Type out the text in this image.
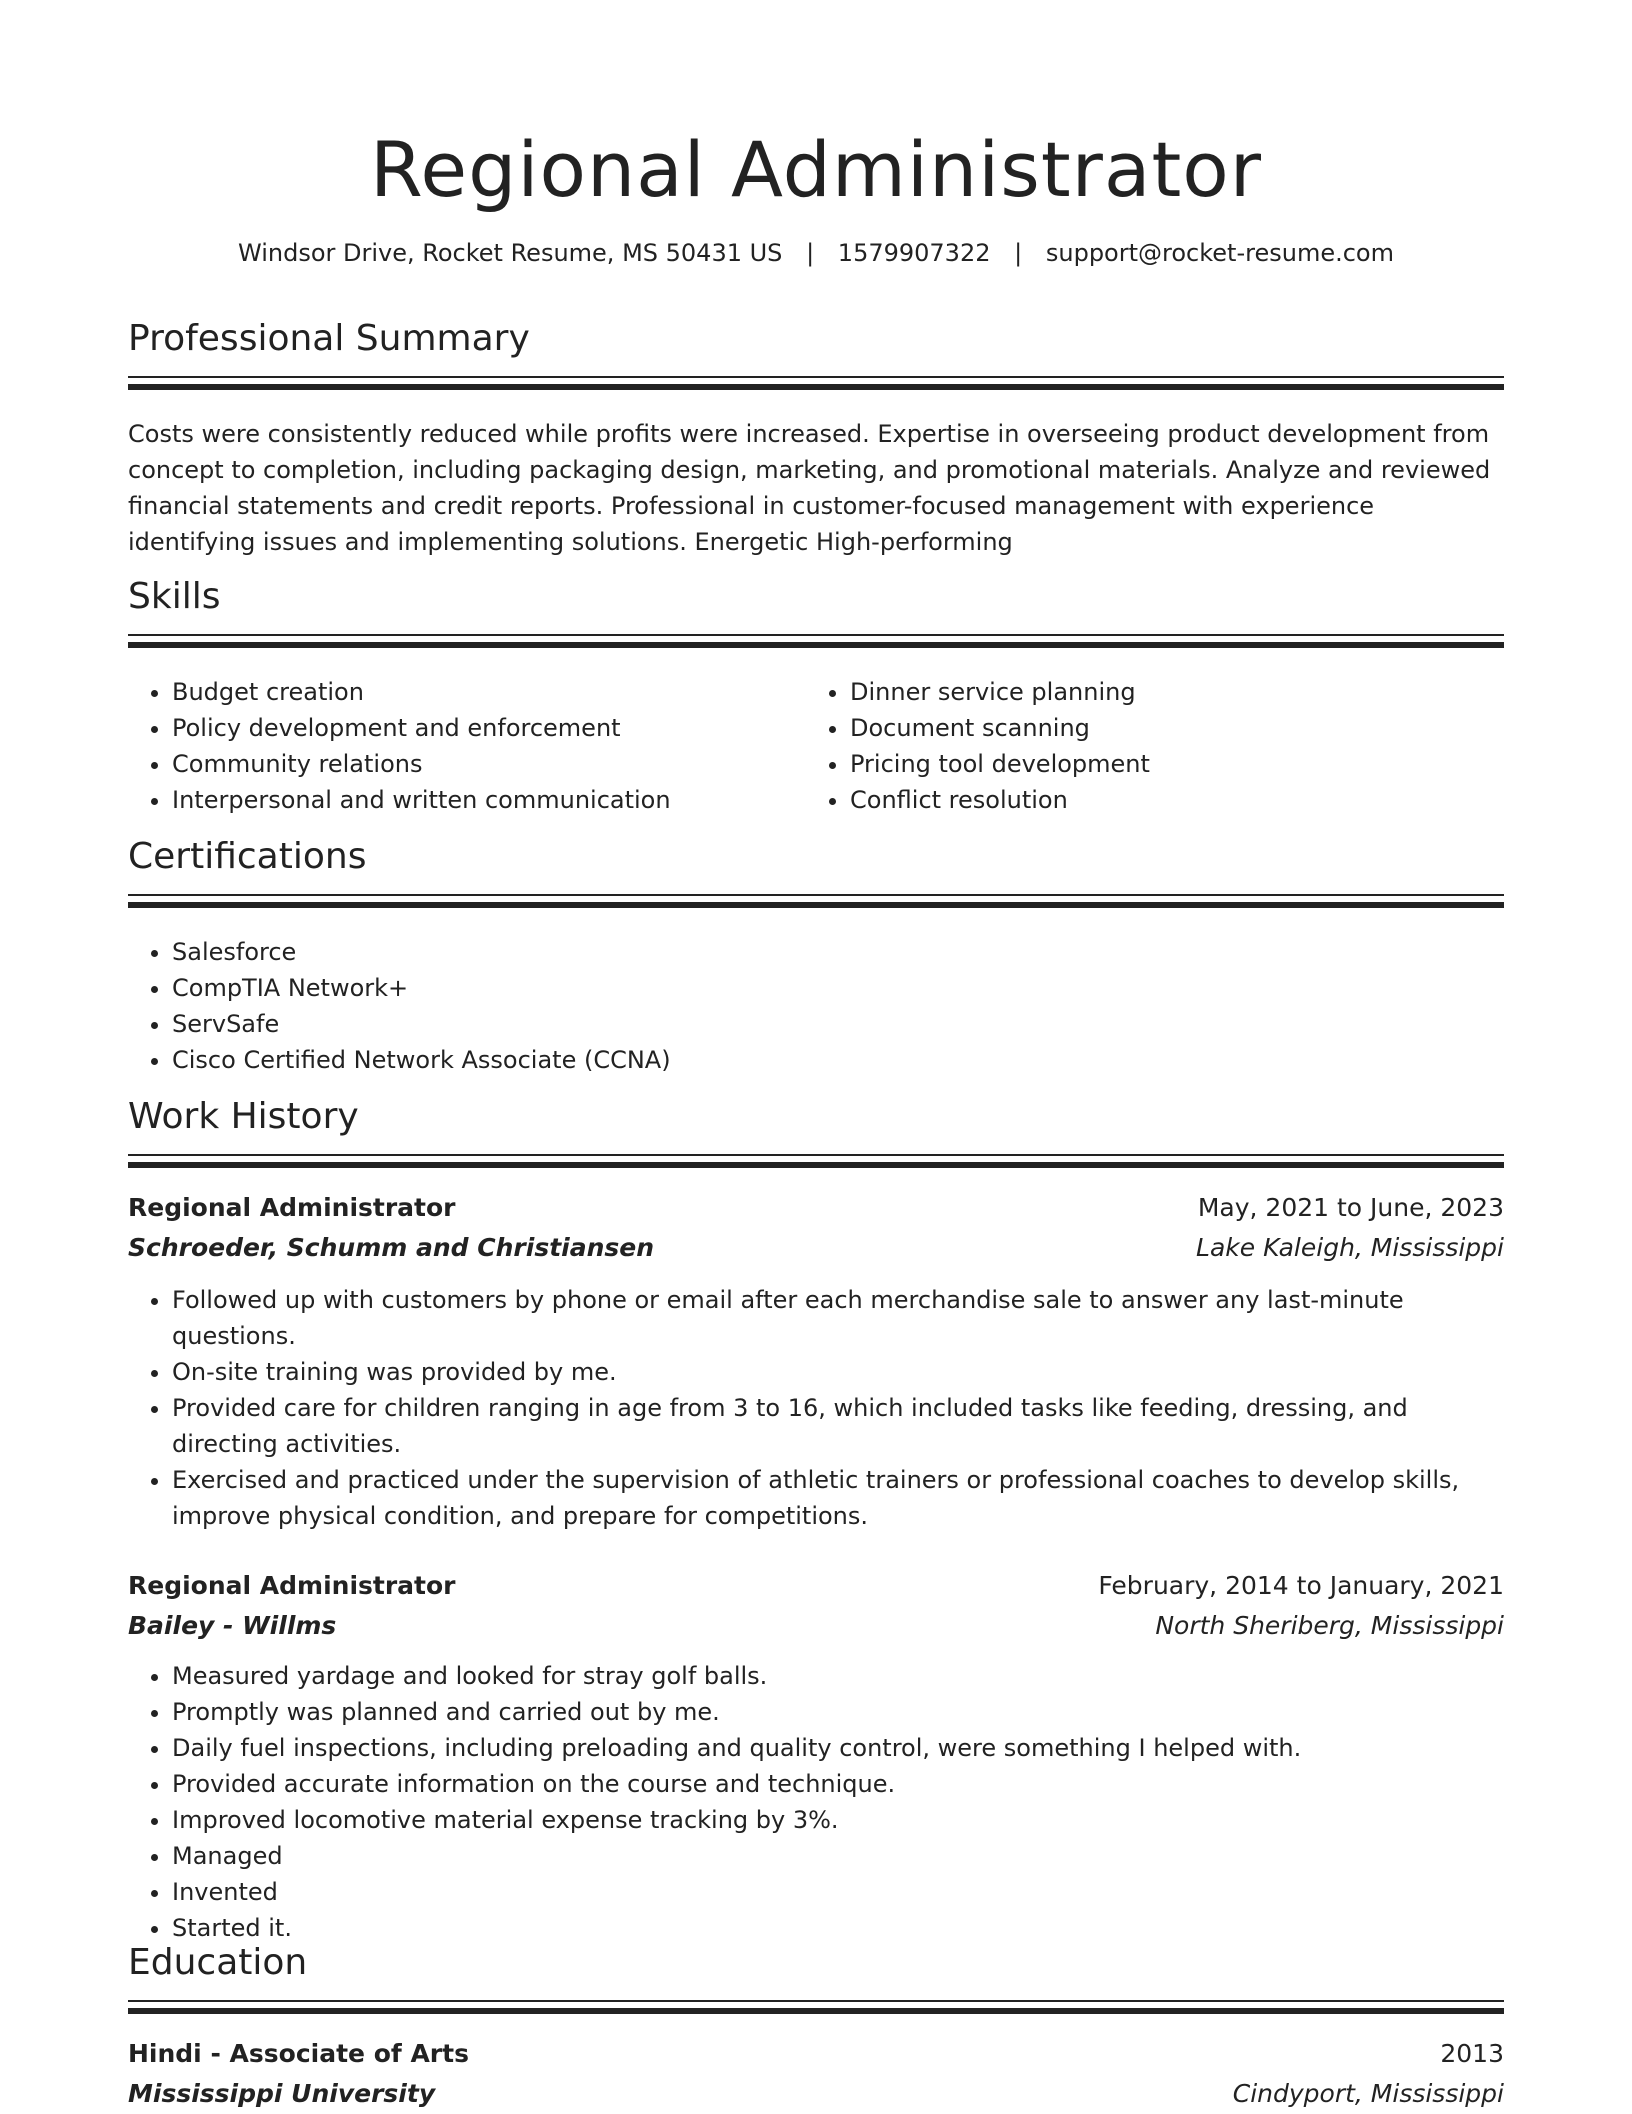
Regional Administrator
Windsor Drive, Rocket Resume, MS 50431 US | 1579907322 | support@rocket-resume.com
Professional Summary

Costs were consistently reduced while profits were increased. Expertise in overseeing product development from concept to completion, including packaging design, marketing, and promotional materials. Analyze and reviewed financial statements and credit reports. Professional in customer-focused management with experience identifying issues and implementing solutions. Energetic High-performing

Skills
• Budget creation
• Policy development and enforcement
• Community relations
• Interpersonal and written communication
• Dinner service planning
• Document scanning
• Pricing tool development
• Conflict resolution
Certifications
• Salesforce
• CompTIA Network+
• ServSafe
• Cisco Certified Network Associate (CCNA)
Work History
Regional Administrator	May, 2021 to June, 2023
Schroeder, Schumm and Christiansen	Lake Kaleigh, Mississippi
• Followed up with customers by phone or email after each merchandise sale to answer any last-minute questions.
• On-site training was provided by me.
• Provided care for children ranging in age from 3 to 16, which included tasks like feeding, dressing, and directing activities.
• Exercised and practiced under the supervision of athletic trainers or professional coaches to develop skills, improve physical condition, and prepare for competitions.
Regional Administrator	February, 2014 to January, 2021
Bailey - Willms	North Sheriberg, Mississippi
• Measured yardage and looked for stray golf balls.
• Promptly was planned and carried out by me.
• Daily fuel inspections, including preloading and quality control, were something I helped with.
• Provided accurate information on the course and technique.
• Improved locomotive material expense tracking by 3%.
• Managed
• Invented
• Started it.
Education
Hindi - Associate of Arts	2013
Mississippi University	Cindyport, Mississippi
